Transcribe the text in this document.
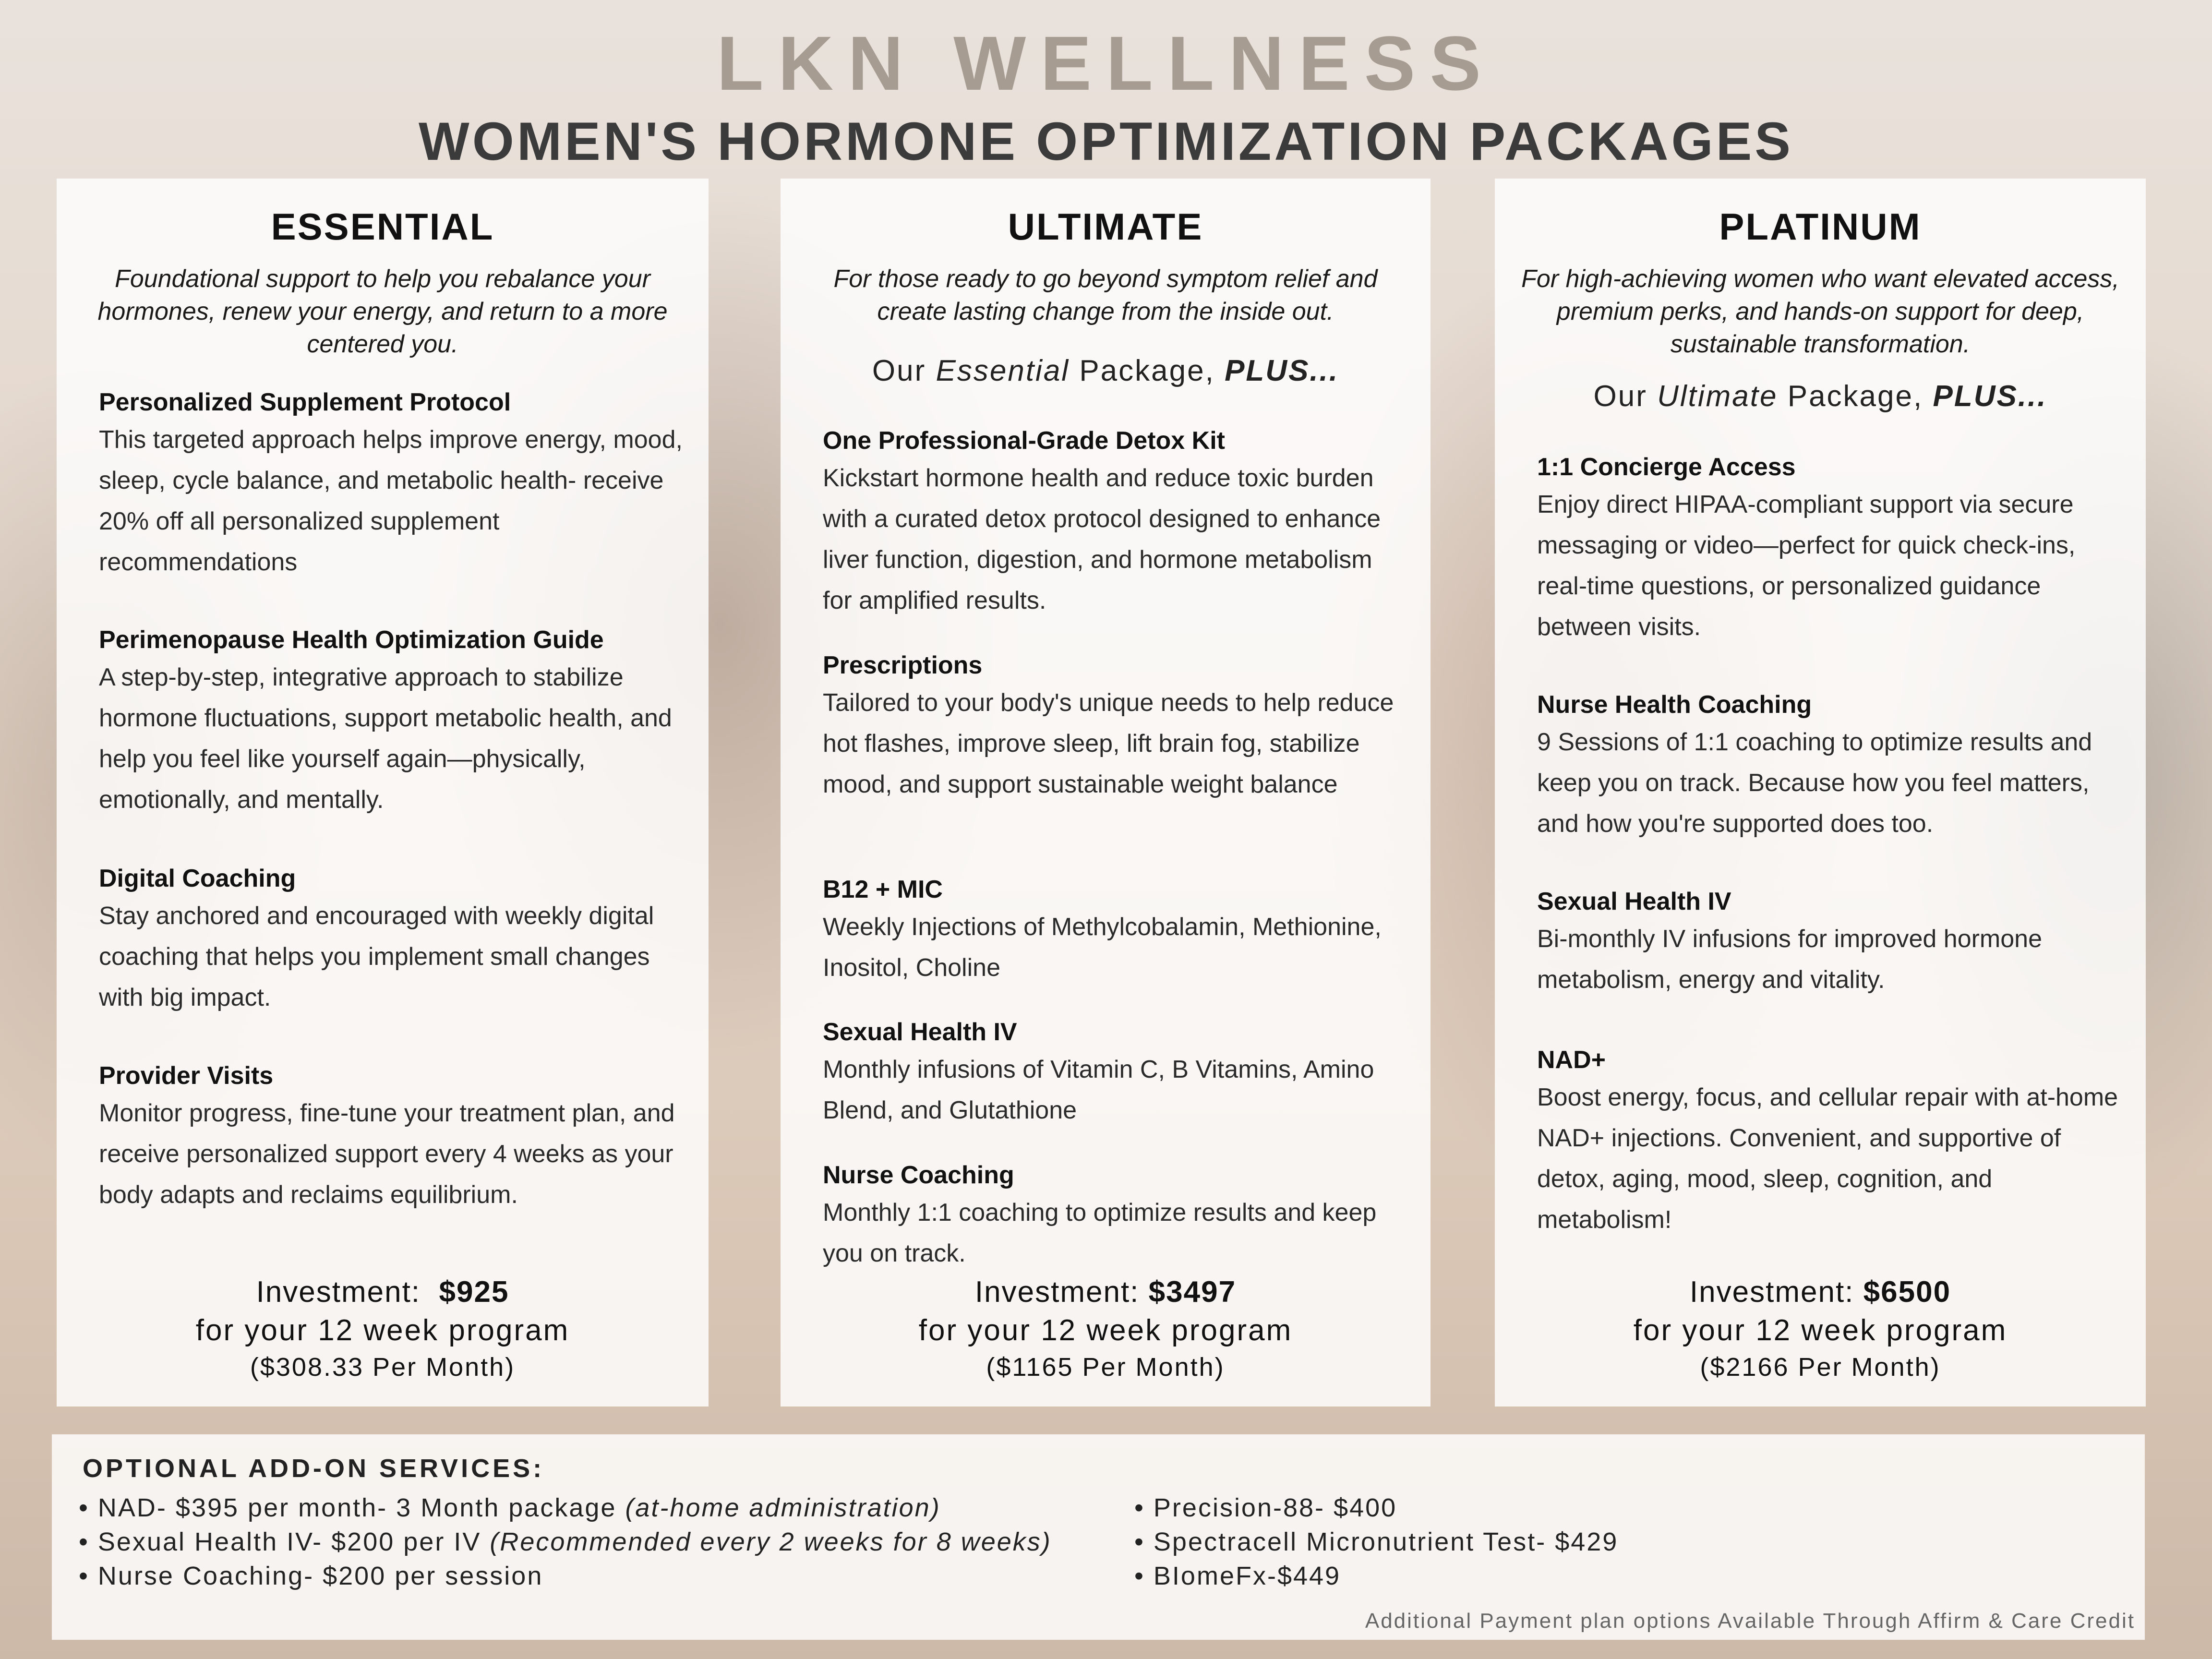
LKN WELLNESS
WOMEN'S HORMONE OPTIMIZATION PACKAGES
ESSENTIAL
Foundational support to help you rebalance your hormones, renew your energy, and return to a more centered you.
Personalized Supplement Protocol
This targeted approach helps improve energy, mood, sleep, cycle balance, and metabolic health- receive 20% off all personalized supplement recommendations
Perimenopause Health Optimization Guide
A step-by-step, integrative approach to stabilize hormone fluctuations, support metabolic health, and help you feel like yourself again—physically, emotionally, and mentally.
Digital Coaching
Stay anchored and encouraged with weekly digital coaching that helps you implement small changes with big impact.
Provider Visits
Monitor progress, fine-tune your treatment plan, and receive personalized support every 4 weeks as your body adapts and reclaims equilibrium.
Investment: $925
for your 12 week program
($308.33 Per Month)
ULTIMATE
For those ready to go beyond symptom relief and create lasting change from the inside out.
Our Essential Package, PLUS...
One Professional-Grade Detox Kit
Kickstart hormone health and reduce toxic burden with a curated detox protocol designed to enhance liver function, digestion, and hormone metabolism for amplified results.
Prescriptions
Tailored to your body's unique needs to help reduce hot flashes, improve sleep, lift brain fog, stabilize mood, and support sustainable weight balance
B12 + MIC
Weekly Injections of Methylcobalamin, Methionine, Inositol, Choline
Sexual Health IV
Monthly infusions of Vitamin C, B Vitamins, Amino Blend, and Glutathione
Nurse Coaching
Monthly 1:1 coaching to optimize results and keep you on track.
Investment: $3497
for your 12 week program
($1165 Per Month)
PLATINUM
For high-achieving women who want elevated access, premium perks, and hands-on support for deep, sustainable transformation.
Our Ultimate Package, PLUS...
1:1 Concierge Access
Enjoy direct HIPAA-compliant support via secure messaging or video—perfect for quick check-ins, real-time questions, or personalized guidance between visits.
Nurse Health Coaching
9 Sessions of 1:1 coaching to optimize results and keep you on track. Because how you feel matters, and how you're supported does too.
Sexual Health IV
Bi-monthly IV infusions for improved hormone metabolism, energy and vitality.
NAD+
Boost energy, focus, and cellular repair with at-home NAD+ injections. Convenient, and supportive of detox, aging, mood, sleep, cognition, and metabolism!
Investment: $6500
for your 12 week program
($2166 Per Month)
OPTIONAL ADD-ON SERVICES:
• NAD- $395 per month- 3 Month package (at-home administration)
• Sexual Health IV- $200 per IV (Recommended every 2 weeks for 8 weeks)
• Nurse Coaching- $200 per session
• Precision-88- $400
• Spectracell Micronutrient Test- $429
• BIomeFx-$449
Additional Payment plan options Available Through Affirm & Care Credit
